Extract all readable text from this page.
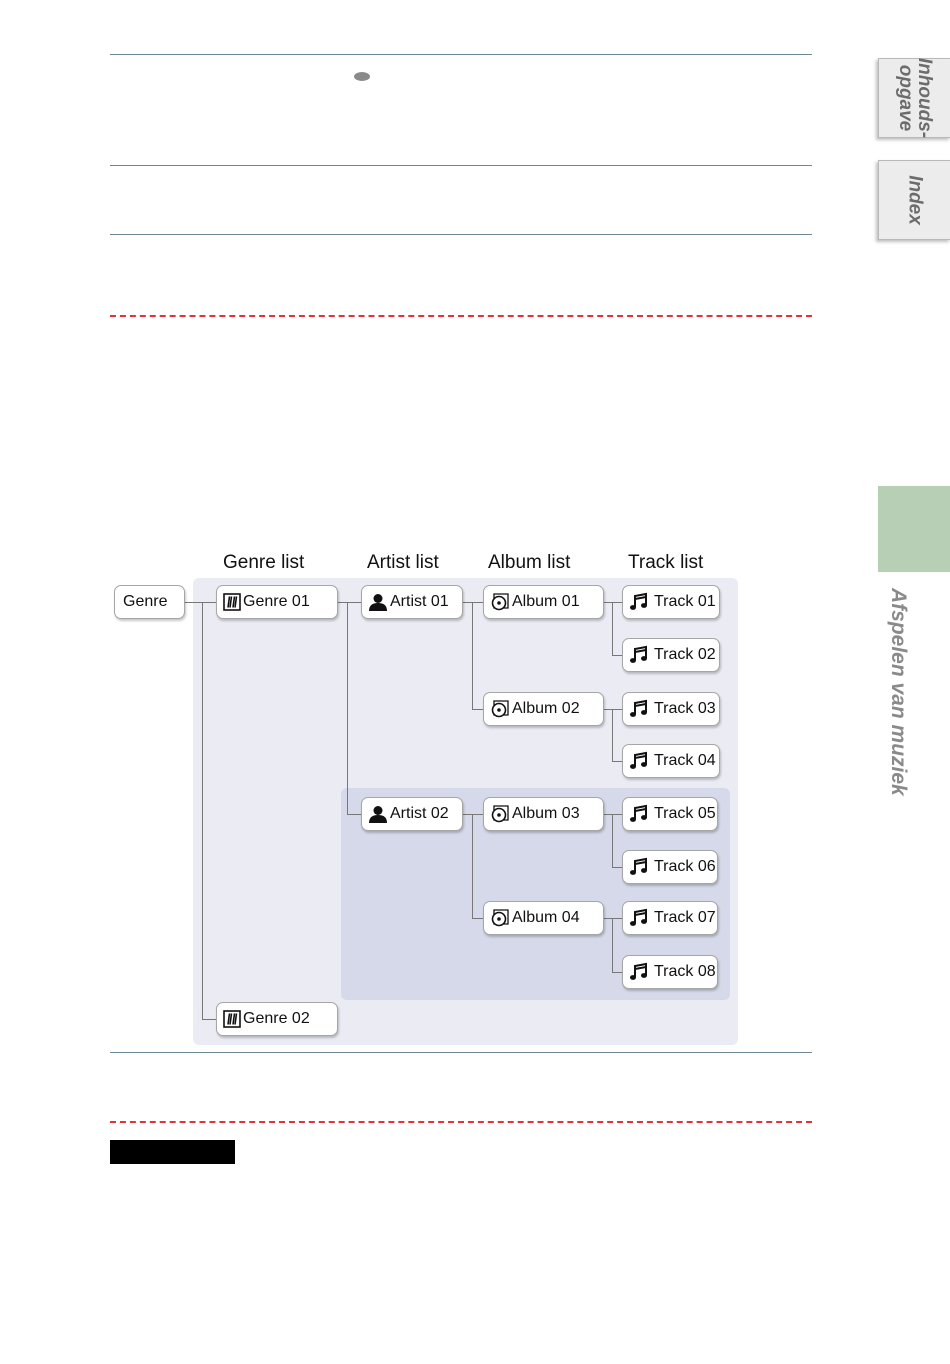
Inhouds-
opgave
Index
Afspelen van muziek
Genre list	Artist list	Album list	Track list
Genre	Genre 01
Genre 02
Artist 01
Artist 02
Album 01
Album 02
Album 03
Album 04
Track 01
Track 02
Track 03
Track 04
Track 05
Track 06
Track 07
Track 08
